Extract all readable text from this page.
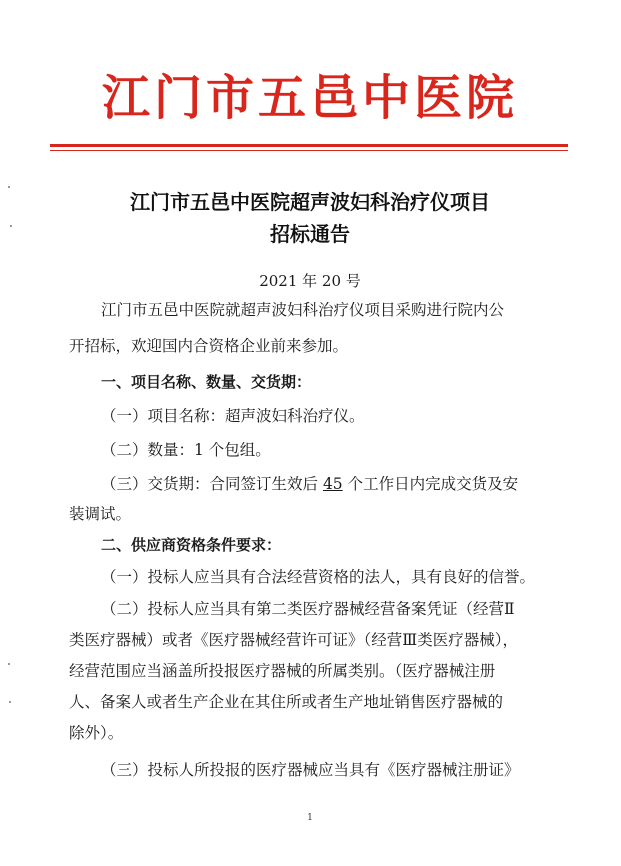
江门市五邑中医院
江门市五邑中医院超声波妇科治疗仪项目
招标通告
2021 年 20 号
江门市五邑中医院就超声波妇科治疗仪项目采购进行院内公
开招标，欢迎国内合资格企业前来参加。
一、项目名称、数量、交货期：
（一）项目名称：超声波妇科治疗仪。
（二）数量：1 个包组。
（三）交货期：合同签订生效后 45 个工作日内完成交货及安
装调试。
二、供应商资格条件要求：
（一）投标人应当具有合法经营资格的法人，具有良好的信誉。
（二）投标人应当具有第二类医疗器械经营备案凭证（经营Ⅱ
类医疗器械）或者《医疗器械经营许可证》（经营Ⅲ类医疗器械），
经营范围应当涵盖所投报医疗器械的所属类别。（医疗器械注册
人、备案人或者生产企业在其住所或者生产地址销售医疗器械的
除外）。
（三）投标人所投报的医疗器械应当具有《医疗器械注册证》
1
